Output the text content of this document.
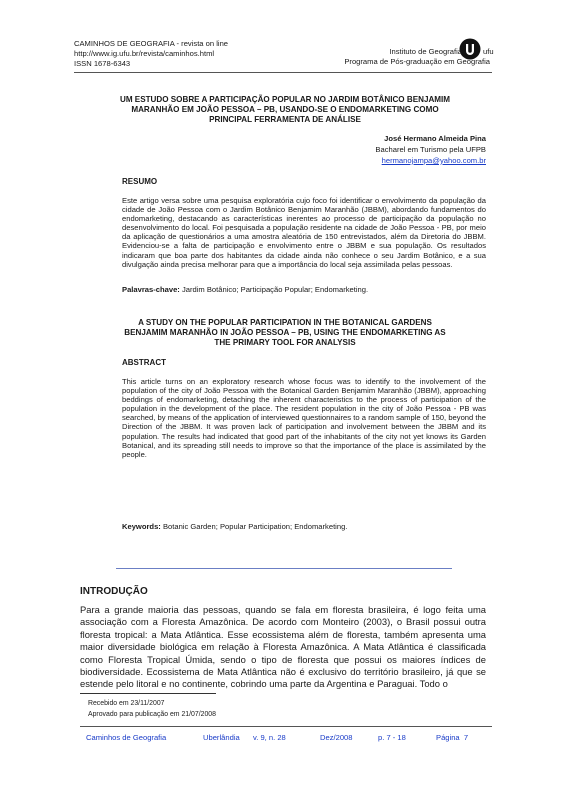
CAMINHOS DE GEOGRAFIA - revista on line
http://www.ig.ufu.br/revista/caminhos.html
ISSN 1678-6343
ufu
Instituto de Geografia
Programa de Pós-graduação em Geografia
UM ESTUDO SOBRE A PARTICIPAÇÃO POPULAR NO JARDIM BOTÂNICO BENJAMIM
MARANHÃO EM JOÃO PESSOA – PB, USANDO-SE O ENDOMARKETING COMO
PRINCIPAL FERRAMENTA DE ANÁLISE
José Hermano Almeida Pina
Bacharel em Turismo pela UFPB
hermanojampa@yahoo.com.br
RESUMO
Este artigo versa sobre uma pesquisa exploratória cujo foco foi identificar o envolvimento da população da cidade de João Pessoa com o Jardim Botânico Benjamim Maranhão (JBBM), abordando fundamentos do endomarketing, destacando as características inerentes ao processo de participação da população no desenvolvimento do local. Foi pesquisada a população residente na cidade de João Pessoa - PB, por meio da aplicação de questionários a uma amostra aleatória de 150 entrevistados, além da Diretoria do JBBM. Evidenciou-se a falta de participação e envolvimento entre o JBBM e sua população. Os resultados indicaram que boa parte dos habitantes da cidade ainda não conhece o seu Jardim Botânico, e a sua divulgação ainda precisa melhorar para que a importância do local seja assimilada pelas pessoas.
Palavras-chave: Jardim Botânico; Participação Popular; Endomarketing.
A STUDY ON THE POPULAR PARTICIPATION IN THE BOTANICAL GARDENS
BENJAMIM MARANHÃO IN JOÃO PESSOA – PB, USING THE ENDOMARKETING AS
THE PRIMARY TOOL FOR ANALYSIS
ABSTRACT
This article turns on an exploratory research whose focus was to identify to the involvement of the population of the city of João Pessoa with the Botanical Garden Benjamim Maranhão (JBBM), approaching beddings of endomarketing, detaching the inherent characteristics to the process of participation of the population in the development of the place. The resident population in the city of João Pessoa - PB was searched, by means of the application of interviewed questionnaires to a random sample of 150, beyond the Direction of the JBBM. It was proven lack of participation and involvement between the JBBM and its population. The results had indicated that good part of the inhabitants of the city not yet knows its Garden Botanical, and its spreading still needs to improve so that the importance of the place is assimilated by the people.
Keywords: Botanic Garden; Popular Participation; Endomarketing.
INTRODUÇÃO
Para a grande maioria das pessoas, quando se fala em floresta brasileira, é logo feita uma associação com a Floresta Amazônica. De acordo com Monteiro (2003), o Brasil possui outra floresta tropical: a Mata Atlântica. Esse ecossistema além de floresta, também apresenta uma maior diversidade biológica em relação à Floresta Amazônica. A Mata Atlântica é classificada como Floresta Tropical Úmida, sendo o tipo de floresta que possui os maiores índices de biodiversidade. Ecossistema de Mata Atlântica não é exclusivo do território brasileiro, já que se estende pelo litoral e no continente, cobrindo uma parte da Argentina e Paraguai. Todo o
Recebido em 23/11/2007
Aprovado para publicação em 21/07/2008
Caminhos de Geografia	Uberlândia v. 9, n. 28	Dez/2008	p. 7 - 18	Página  7
